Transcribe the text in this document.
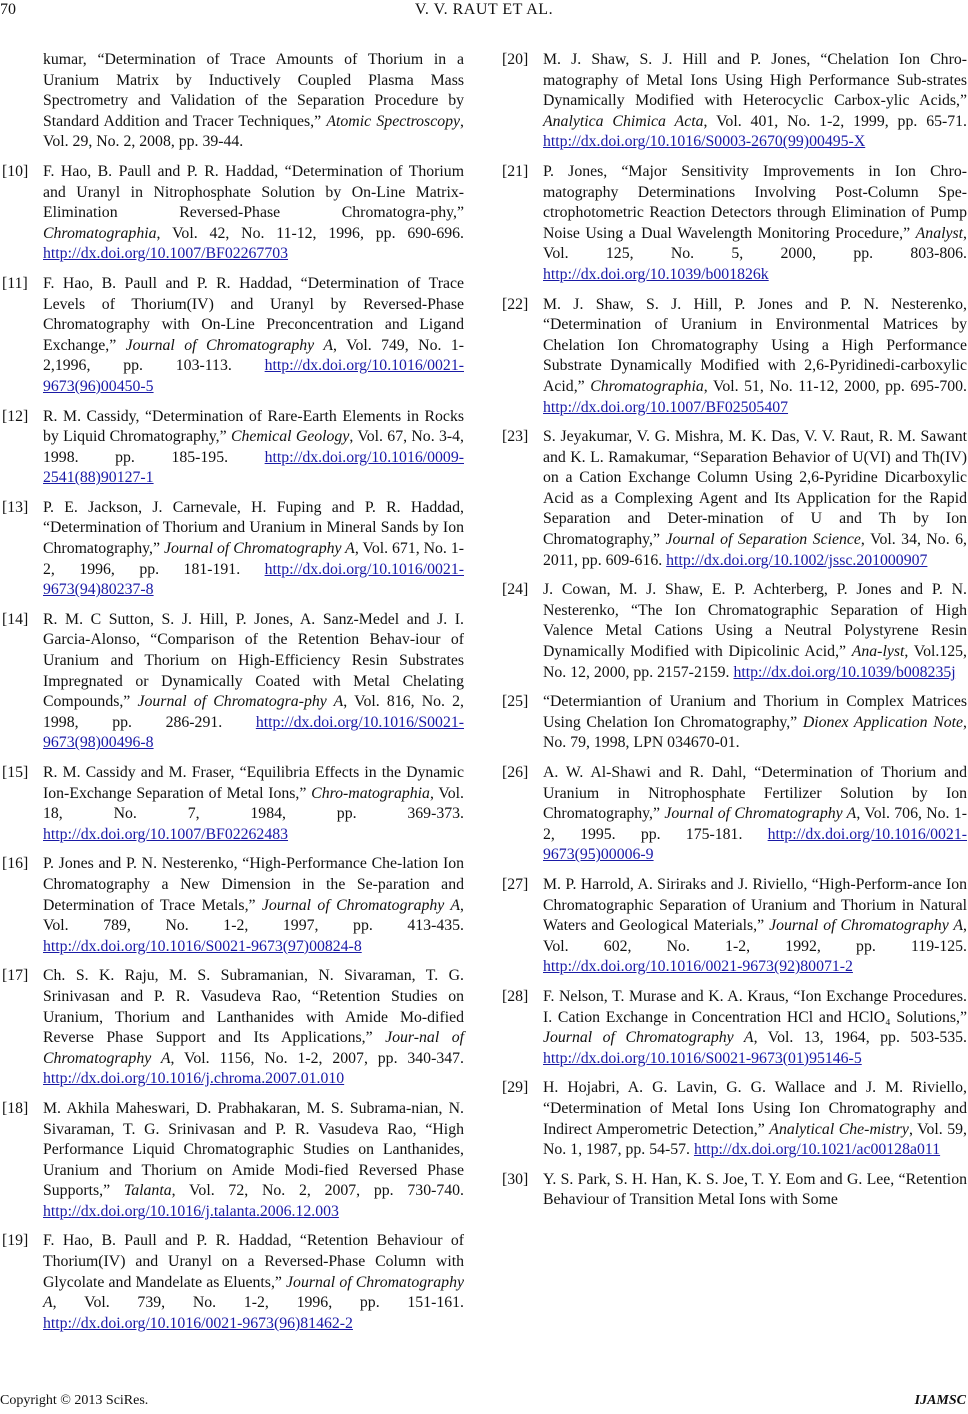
70	V. V. RAUT ET AL.
kumar, “Determination of Trace Amounts of Thorium in a Uranium Matrix by Inductively Coupled Plasma Mass Spectrometry and Validation of the Separation Procedure by Standard Addition and Tracer Techniques,” Atomic Spectroscopy, Vol. 29, No. 2, 2008, pp. 39-44.
[10] F. Hao, B. Paull and P. R. Haddad, “Determination of Thorium and Uranyl in Nitrophosphate Solution by On-Line Matrix-Elimination Reversed-Phase Chromatogra-phy,” Chromatographia, Vol. 42, No. 11-12, 1996, pp. 690-696. http://dx.doi.org/10.1007/BF02267703
[11] F. Hao, B. Paull and P. R. Haddad, “Determination of Trace Levels of Thorium(IV) and Uranyl by Reversed-Phase Chromatography with On-Line Preconcentration and Ligand Exchange,” Journal of Chromatography A, Vol. 749, No. 1-2,1996, pp. 103-113. http://dx.doi.org/10.1016/0021-9673(96)00450-5
[12] R. M. Cassidy, “Determination of Rare-Earth Elements in Rocks by Liquid Chromatography,” Chemical Geology, Vol. 67, No. 3-4, 1998. pp. 185-195. http://dx.doi.org/10.1016/0009-2541(88)90127-1
[13] P. E. Jackson, J. Carnevale, H. Fuping and P. R. Haddad, “Determination of Thorium and Uranium in Mineral Sands by Ion Chromatography,” Journal of Chromatography A, Vol. 671, No. 1-2, 1996, pp. 181-191. http://dx.doi.org/10.1016/0021-9673(94)80237-8
[14] R. M. C Sutton, S. J. Hill, P. Jones, A. Sanz-Medel and J. I. Garcia-Alonso, “Comparison of the Retention Behav-iour of Uranium and Thorium on High-Efficiency Resin Substrates Impregnated or Dynamically Coated with Metal Chelating Compounds,” Journal of Chromatogra-phy A, Vol. 816, No. 2, 1998, pp. 286-291. http://dx.doi.org/10.1016/S0021-9673(98)00496-8
[15] R. M. Cassidy and M. Fraser, “Equilibria Effects in the Dynamic Ion-Exchange Separation of Metal Ions,” Chro-matographia, Vol. 18, No. 7, 1984, pp. 369-373. http://dx.doi.org/10.1007/BF02262483
[16] P. Jones and P. N. Nesterenko, “High-Performance Che-lation Ion Chromatography a New Dimension in the Se-paration and Determination of Trace Metals,” Journal of Chromatography A, Vol. 789, No. 1-2, 1997, pp. 413-435. http://dx.doi.org/10.1016/S0021-9673(97)00824-8
[17] Ch. S. K. Raju, M. S. Subramanian, N. Sivaraman, T. G. Srinivasan and P. R. Vasudeva Rao, “Retention Studies on Uranium, Thorium and Lanthanides with Amide Mo-dified Reverse Phase Support and Its Applications,” Jour-nal of Chromatography A, Vol. 1156, No. 1-2, 2007, pp. 340-347. http://dx.doi.org/10.1016/j.chroma.2007.01.010
[18] M. Akhila Maheswari, D. Prabhakaran, M. S. Subrama-nian, N. Sivaraman, T. G. Srinivasan and P. R. Vasudeva Rao, “High Performance Liquid Chromatographic Studies on Lanthanides, Uranium and Thorium on Amide Modi-fied Reversed Phase Supports,” Talanta, Vol. 72, No. 2, 2007, pp. 730-740. http://dx.doi.org/10.1016/j.talanta.2006.12.003
[19] F. Hao, B. Paull and P. R. Haddad, “Retention Behaviour of Thorium(IV) and Uranyl on a Reversed-Phase Column with Glycolate and Mandelate as Eluents,” Journal of Chromatography A, Vol. 739, No. 1-2, 1996, pp. 151-161. http://dx.doi.org/10.1016/0021-9673(96)81462-2
[20] M. J. Shaw, S. J. Hill and P. Jones, “Chelation Ion Chro-matography of Metal Ions Using High Performance Sub-strates Dynamically Modified with Heterocyclic Carbox-ylic Acids,” Analytica Chimica Acta, Vol. 401, No. 1-2, 1999, pp. 65-71. http://dx.doi.org/10.1016/S0003-2670(99)00495-X
[21] P. Jones, “Major Sensitivity Improvements in Ion Chro-matography Determinations Involving Post-Column Spe-ctrophotometric Reaction Detectors through Elimination of Pump Noise Using a Dual Wavelength Monitoring Procedure,” Analyst, Vol. 125, No. 5, 2000, pp. 803-806. http://dx.doi.org/10.1039/b001826k
[22] M. J. Shaw, S. J. Hill, P. Jones and P. N. Nesterenko, “Determination of Uranium in Environmental Matrices by Chelation Ion Chromatography Using a High Performance Substrate Dynamically Modified with 2,6-Pyridinedi-carboxylic Acid,” Chromatographia, Vol. 51, No. 11-12, 2000, pp. 695-700. http://dx.doi.org/10.1007/BF02505407
[23] S. Jeyakumar, V. G. Mishra, M. K. Das, V. V. Raut, R. M. Sawant and K. L. Ramakumar, “Separation Behavior of U(VI) and Th(IV) on a Cation Exchange Column Using 2,6-Pyridine Dicarboxylic Acid as a Complexing Agent and Its Application for the Rapid Separation and Deter-mination of U and Th by Ion Chromatography,” Journal of Separation Science, Vol. 34, No. 6, 2011, pp. 609-616. http://dx.doi.org/10.1002/jssc.201000907
[24] J. Cowan, M. J. Shaw, E. P. Achterberg, P. Jones and P. N. Nesterenko, “The Ion Chromatographic Separation of High Valence Metal Cations Using a Neutral Polystyrene Resin Dynamically Modified with Dipicolinic Acid,” Ana-lyst, Vol.125, No. 12, 2000, pp. 2157-2159. http://dx.doi.org/10.1039/b008235j
[25] “Determiantion of Uranium and Thorium in Complex Matrices Using Chelation Ion Chromatography,” Dionex Application Note, No. 79, 1998, LPN 034670-01.
[26] A. W. Al-Shawi and R. Dahl, “Determination of Thorium and Uranium in Nitrophosphate Fertilizer Solution by Ion Chromatography,” Journal of Chromatography A, Vol. 706, No. 1-2, 1995. pp. 175-181. http://dx.doi.org/10.1016/0021-9673(95)00006-9
[27] M. P. Harrold, A. Siriraks and J. Riviello, “High-Perform-ance Ion Chromatographic Separation of Uranium and Thorium in Natural Waters and Geological Materials,” Journal of Chromatography A, Vol. 602, No. 1-2, 1992, pp. 119-125. http://dx.doi.org/10.1016/0021-9673(92)80071-2
[28] F. Nelson, T. Murase and K. A. Kraus, “Ion Exchange Procedures. I. Cation Exchange in Concentration HCl and HClO₄ Solutions,” Journal of Chromatography A, Vol. 13, 1964, pp. 503-535. http://dx.doi.org/10.1016/S0021-9673(01)95146-5
[29] H. Hojabri, A. G. Lavin, G. G. Wallace and J. M. Riviello, “Determination of Metal Ions Using Ion Chromatography and Indirect Amperometric Detection,” Analytical Che-mistry, Vol. 59, No. 1, 1987, pp. 54-57. http://dx.doi.org/10.1021/ac00128a011
[30] Y. S. Park, S. H. Han, K. S. Joe, T. Y. Eom and G. Lee, “Retention Behaviour of Transition Metal Ions with Some
Copyright © 2013 SciRes.	IJAMSC
